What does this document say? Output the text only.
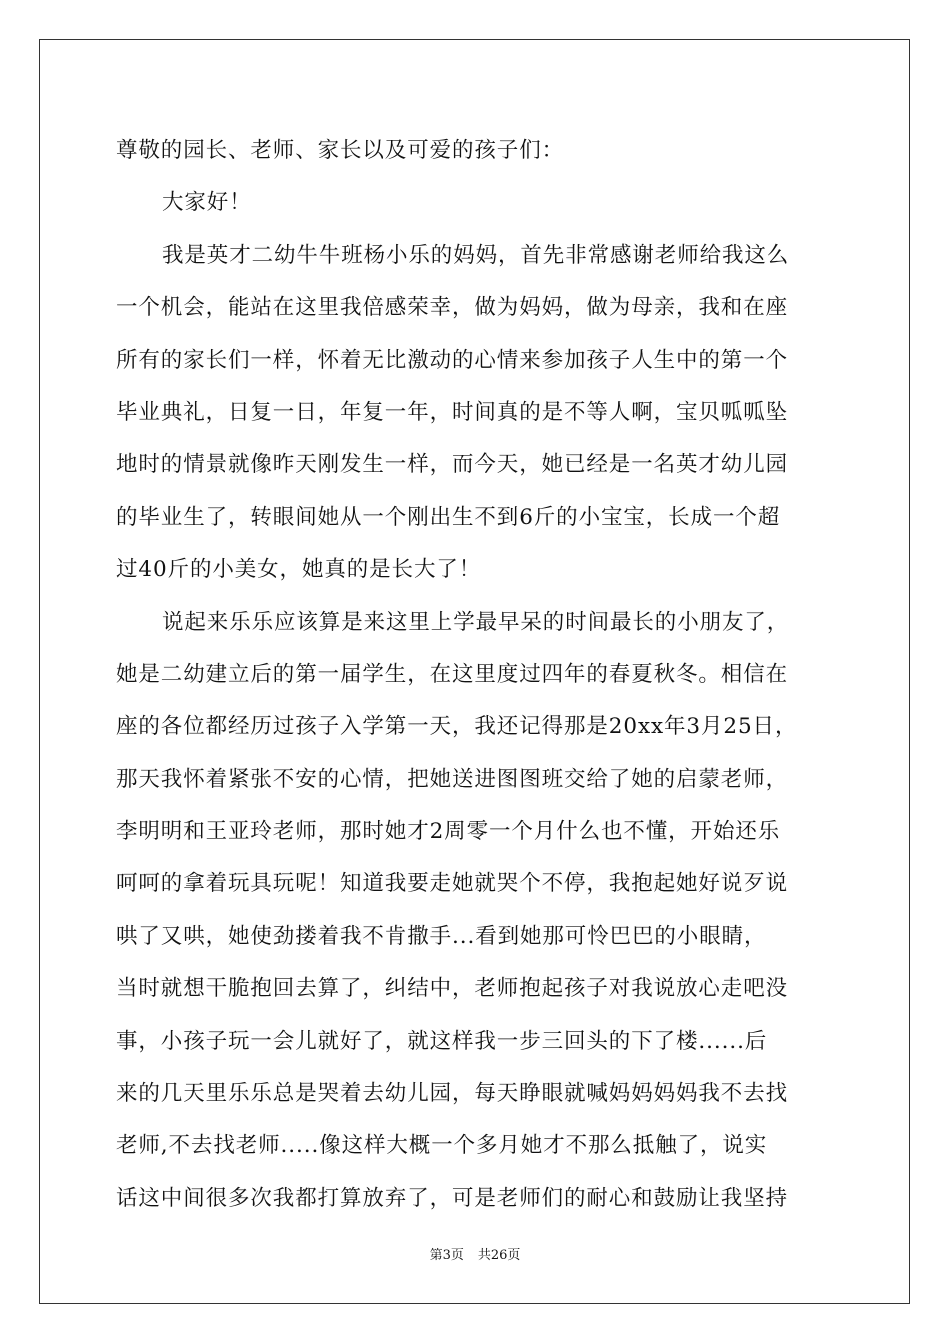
尊敬的园长、老师、家长以及可爱的孩子们：
大家好！
我是英才二幼牛牛班杨小乐的妈妈，首先非常感谢老师给我这么
一个机会，能站在这里我倍感荣幸，做为妈妈，做为母亲，我和在座
所有的家长们一样，怀着无比激动的心情来参加孩子人生中的第一个
毕业典礼，日复一日，年复一年，时间真的是不等人啊，宝贝呱呱坠
地时的情景就像昨天刚发生一样，而今天，她已经是一名英才幼儿园
的毕业生了，转眼间她从一个刚出生不到6斤的小宝宝，长成一个超
过40斤的小美女，她真的是长大了！
说起来乐乐应该算是来这里上学最早呆的时间最长的小朋友了，
她是二幼建立后的第一届学生，在这里度过四年的春夏秋冬。相信在
座的各位都经历过孩子入学第一天，我还记得那是20xx年3月25日，
那天我怀着紧张不安的心情，把她送进图图班交给了她的启蒙老师，
李明明和王亚玲老师，那时她才2周零一个月什么也不懂，开始还乐
呵呵的拿着玩具玩呢！知道我要走她就哭个不停，我抱起她好说歹说
哄了又哄，她使劲搂着我不肯撒手...看到她那可怜巴巴的小眼睛，
当时就想干脆抱回去算了，纠结中，老师抱起孩子对我说放心走吧没
事，小孩子玩一会儿就好了，就这样我一步三回头的下了楼......后
来的几天里乐乐总是哭着去幼儿园，每天睁眼就喊妈妈妈妈我不去找
老师,不去找老师.....像这样大概一个多月她才不那么抵触了，说实
话这中间很多次我都打算放弃了，可是老师们的耐心和鼓励让我坚持
第3页 共26页
